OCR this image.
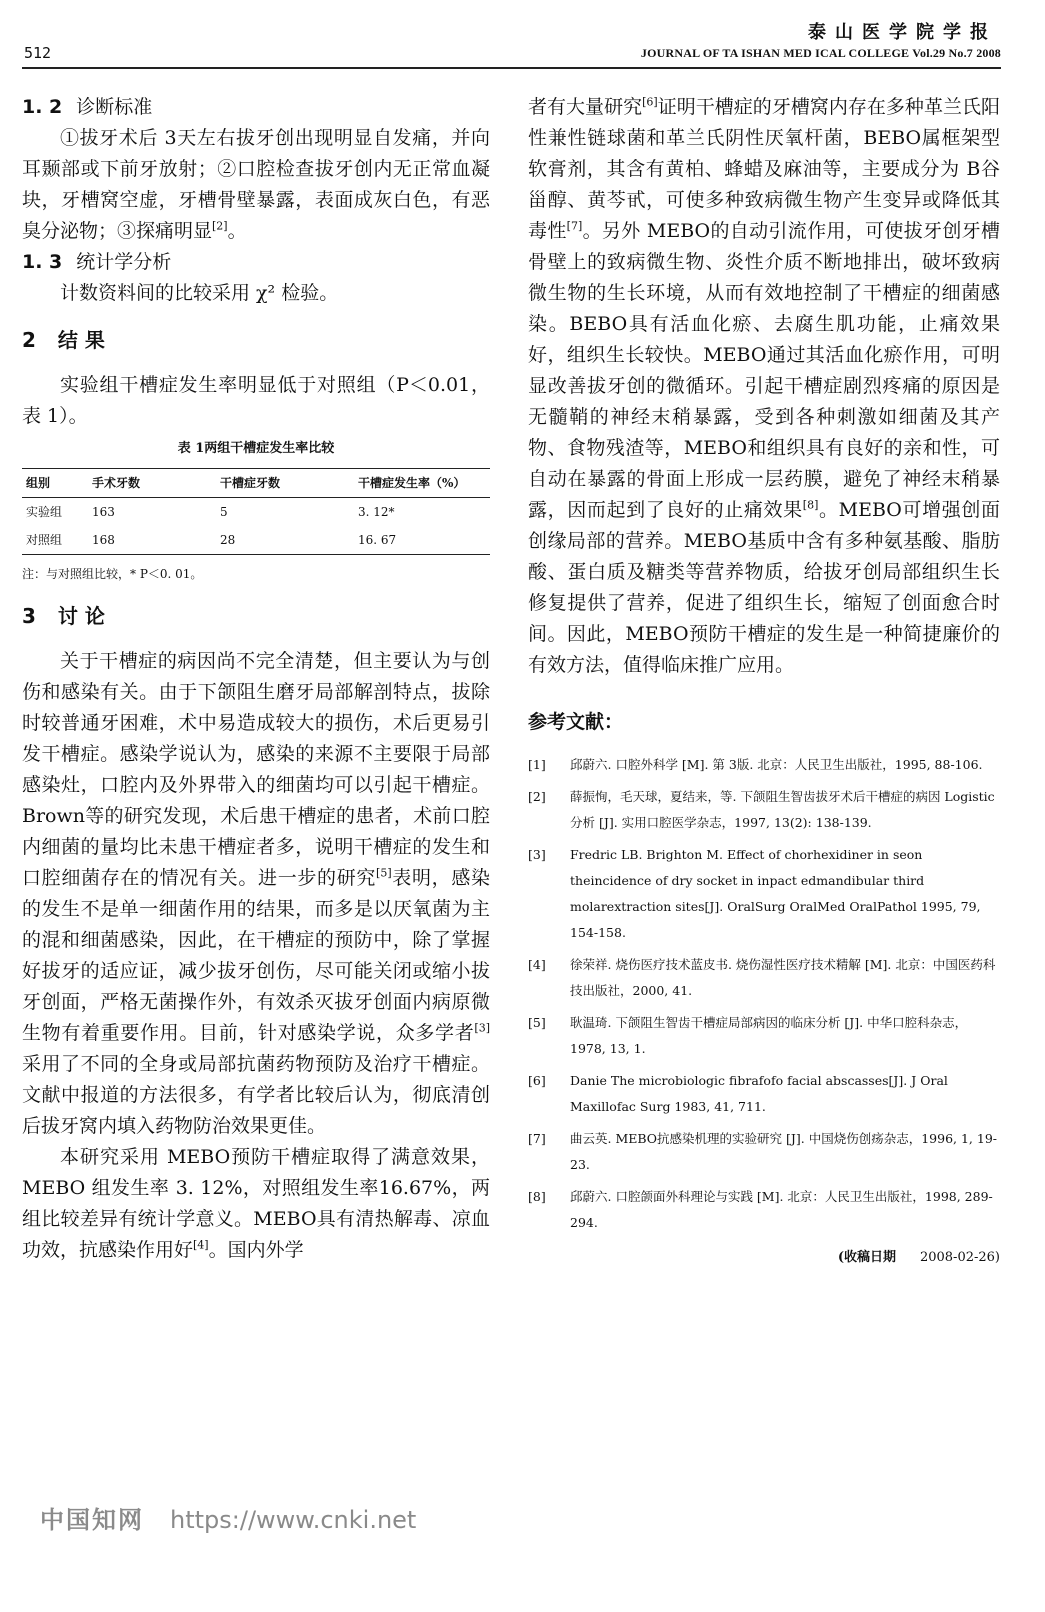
512
泰山医学院学报
JOURNAL OF TA ISHAN MED ICAL COLLEGE Vol.29 No.7 2008

1. 2 诊断标准

①拔牙术后 3天左右拔牙创出现明显自发痛，并向耳颞部或下前牙放射；②口腔检查拔牙创内无正常血凝块，牙槽窝空虚，牙槽骨壁暴露，表面成灰白色，有恶臭分泌物；③探痛明显[2]。

1. 3 统计学分析

计数资料间的比较采用 χ² 检验。

2 结 果

实验组干槽症发生率明显低于对照组（P＜0.01，表 1）。

表 1两组干槽症发生率比较
组别	手术牙数	干槽症牙数	干槽症发生率（%）
实验组	163	5	3. 12*
对照组	168	28	16. 67
注：与对照组比较，* P＜0. 01。

3 讨 论

关于干槽症的病因尚不完全清楚，但主要认为与创伤和感染有关。由于下颌阻生磨牙局部解剖特点，拔除时较普通牙困难，术中易造成较大的损伤，术后更易引发干槽症。感染学说认为，感染的来源不主要限于局部感染灶，口腔内及外界带入的细菌均可以引起干槽症。Brown等的研究发现，术后患干槽症的患者，术前口腔内细菌的量均比未患干槽症者多，说明干槽症的发生和口腔细菌存在的情况有关。进一步的研究[5]表明，感染的发生不是单一细菌作用的结果，而多是以厌氧菌为主的混和细菌感染，因此，在干槽症的预防中，除了掌握好拔牙的适应证，减少拔牙创伤，尽可能关闭或缩小拔牙创面，严格无菌操作外，有效杀灭拔牙创面内病原微生物有着重要作用。目前，针对感染学说，众多学者[3]采用了不同的全身或局部抗菌药物预防及治疗干槽症。文献中报道的方法很多，有学者比较后认为，彻底清创后拔牙窝内填入药物防治效果更佳。

本研究采用 MEBO预防干槽症取得了满意效果，MEBO 组发生率 3. 12%，对照组发生率16.67%，两组比较差异有统计学意义。MEBO具有清热解毒、凉血功效，抗感染作用好[4]。国内外学

者有大量研究[6]证明干槽症的牙槽窝内存在多种革兰氏阳性兼性链球菌和革兰氏阴性厌氧杆菌，BEBO属框架型软膏剂，其含有黄柏、蜂蜡及麻油等，主要成分为 B谷甾醇、黄芩甙，可使多种致病微生物产生变异或降低其毒性[7]。另外 MEBO的自动引流作用，可使拔牙创牙槽骨壁上的致病微生物、炎性介质不断地排出，破坏致病微生物的生长环境，从而有效地控制了干槽症的细菌感染。BEBO具有活血化瘀、去腐生肌功能，止痛效果好，组织生长较快。MEBO通过其活血化瘀作用，可明显改善拔牙创的微循环。引起干槽症剧烈疼痛的原因是无髓鞘的神经末稍暴露，受到各种刺激如细菌及其产物、食物残渣等，MEBO和组织具有良好的亲和性，可自动在暴露的骨面上形成一层药膜，避免了神经末稍暴露，因而起到了良好的止痛效果[8]。MEBO可增强创面创缘局部的营养。MEBO基质中含有多种氨基酸、脂肪酸、蛋白质及糖类等营养物质，给拔牙创局部组织生长修复提供了营养，促进了组织生长，缩短了创面愈合时间。因此，MEBO预防干槽症的发生是一种简捷廉价的有效方法，值得临床推广应用。

参考文献：
[1]	邱蔚六. 口腔外科学 [M]. 第 3版. 北京：人民卫生出版社，1995, 88-106.
[2]	薛振恂，毛天球，夏结来，等. 下颌阻生智齿拔牙术后干槽症的病因 Logistic分析 [J]. 实用口腔医学杂志，1997, 13(2): 138-139.
[3]	Fredric LB. Brighton M. Effect of chorhexidiner in seon theincidence of dry socket in inpact edmandibular third molarextraction sites[J]. OralSurg OralMed OralPathol 1995, 79, 154-158.
[4]	徐荣祥. 烧伤医疗技术蓝皮书. 烧伤湿性医疗技术精解 [M]. 北京：中国医药科技出版社，2000, 41.
[5]	耿温琦. 下颌阻生智齿干槽症局部病因的临床分析 [J]. 中华口腔科杂志，1978, 13, 1.
[6]	Danie The microbiologic fibrafofo facial abscasses[J]. J Oral Maxillofac Surg 1983, 41, 711.
[7]	曲云英. MEBO抗感染机理的实验研究 [J]. 中国烧伤创疡杂志，1996, 1, 19-23.
[8]	邱蔚六. 口腔颌面外科理论与实践 [M]. 北京：人民卫生出版社，1998, 289-294.
(收稿日期 2008-02-26)
中国知网 https://www.cnki.net
